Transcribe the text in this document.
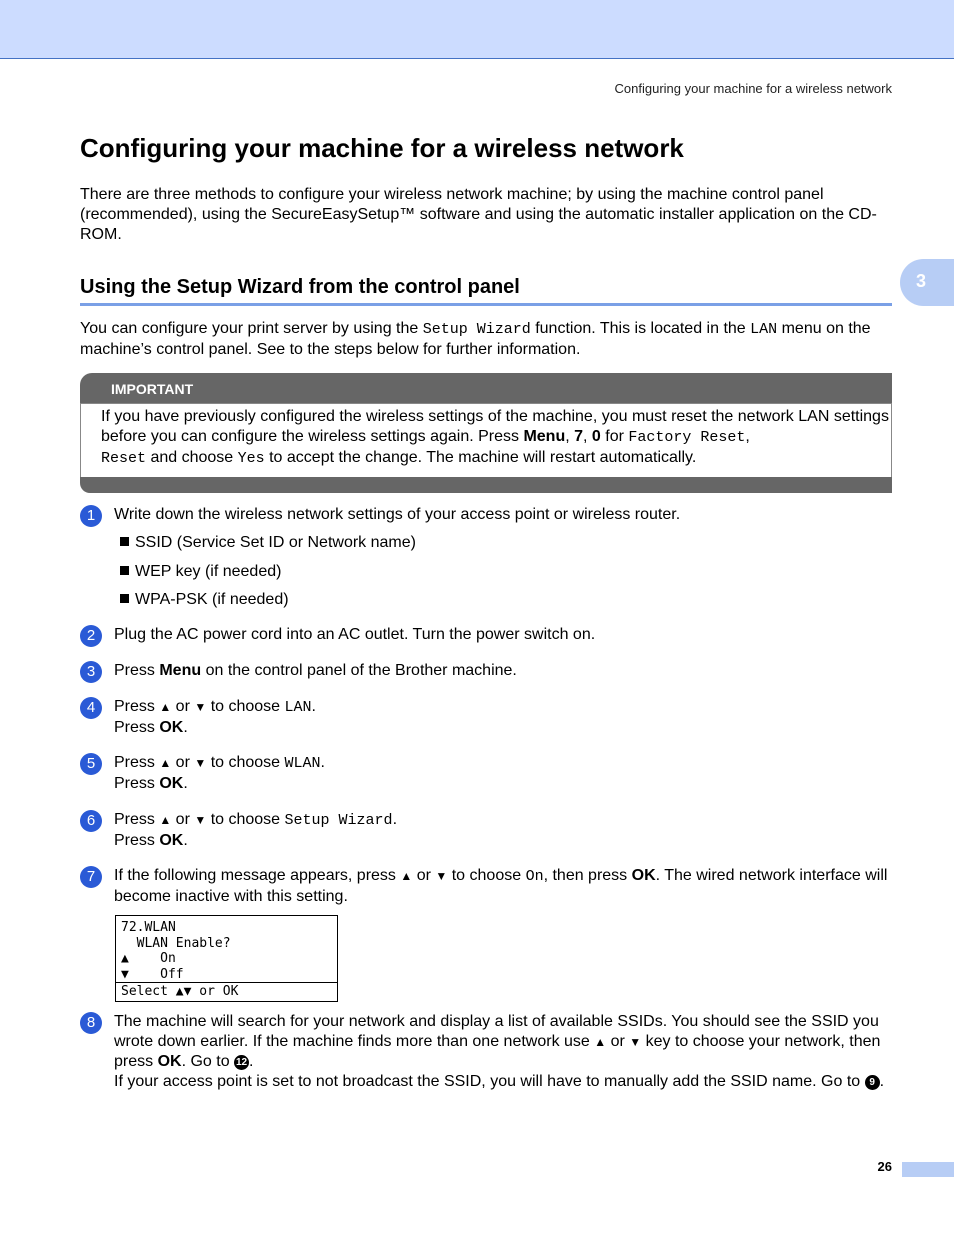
Configuring your machine for a wireless network
3
Configuring your machine for a wireless network

There are three methods to configure your wireless network machine; by using the machine control panel (recommended), using the SecureEasySetup™ software and using the automatic installer application on the CD-ROM.

Using the Setup Wizard from the control panel

You can configure your print server by using the Setup Wizard function. This is located in the LAN menu on the machine’s control panel. See to the steps below for further information.

IMPORTANT

If you have previously configured the wireless settings of the machine, you must reset the network LAN settings before you can configure the wireless settings again. Press Menu, 7, 0 for Factory Reset,
Reset and choose Yes to accept the change. The machine will restart automatically.

1	Write down the wireless network settings of your access point or wireless router.
SSID (Service Set ID or Network name)
WEP key (if needed)
WPA-PSK (if needed)
2	Plug the AC power cord into an AC outlet. Turn the power switch on.
3	Press Menu on the control panel of the Brother machine.
4	Press ▲ or ▼ to choose LAN.
Press OK.
5	Press ▲ or ▼ to choose WLAN.
Press OK.
6	Press ▲ or ▼ to choose Setup Wizard.
Press OK.
7	If the following message appears, press ▲ or ▼ to choose On, then press OK. The wired network interface will become inactive with this setting.
72.WLAN
WLAN Enable?
▲    On
▼    Off
Select ▲▼ or OK
8	The machine will search for your network and display a list of available SSIDs. You should see the SSID you wrote down earlier. If the machine finds more than one network use ▲ or ▼ key to choose your network, then press OK. Go to 12 .
If your access point is set to not broadcast the SSID, you will have to manually add the SSID name. Go to 9 .
26
